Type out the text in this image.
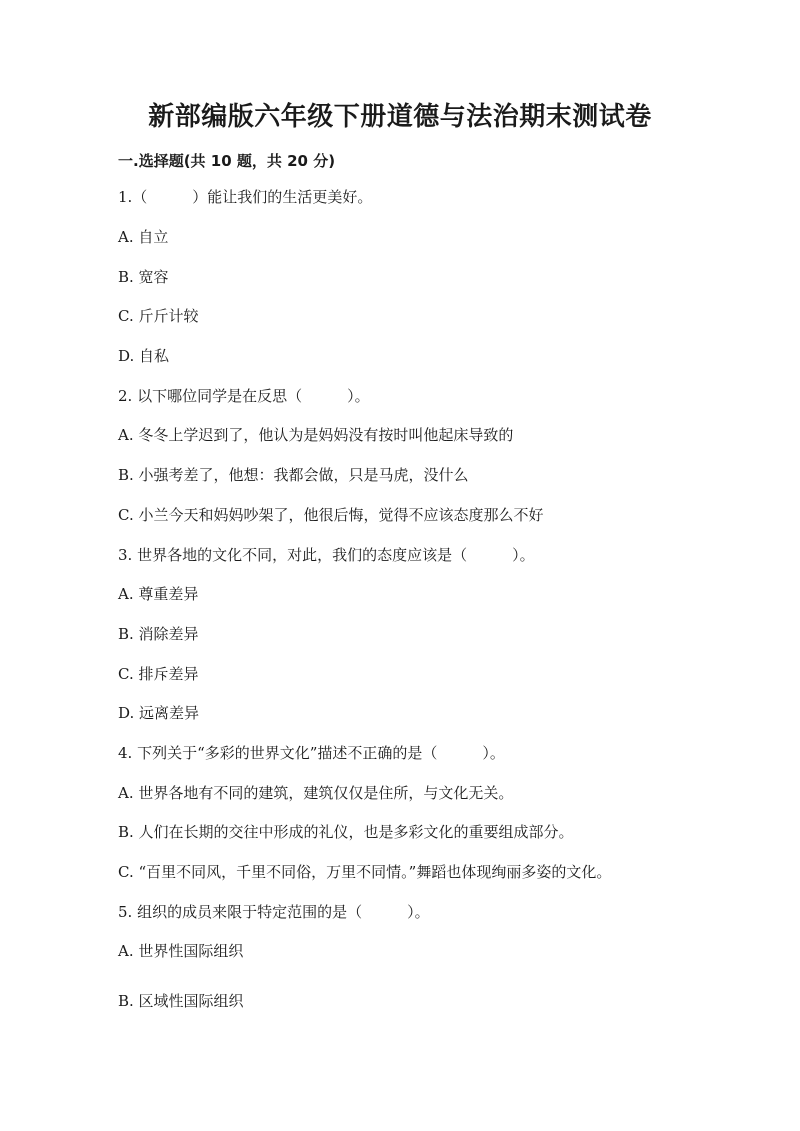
新部编版六年级下册道德与法治期末测试卷
一.选择题(共 10 题，共 20 分)
1.（　　　）能让我们的生活更美好。
A. 自立
B. 宽容
C. 斤斤计较
D. 自私
2. 以下哪位同学是在反思（　　　）。
A. 冬冬上学迟到了，他认为是妈妈没有按时叫他起床导致的
B. 小强考差了，他想：我都会做，只是马虎，没什么
C. 小兰今天和妈妈吵架了，他很后悔，觉得不应该态度那么不好
3. 世界各地的文化不同，对此，我们的态度应该是（　　　）。
A. 尊重差异
B. 消除差异
C. 排斥差异
D. 远离差异
4. 下列关于“多彩的世界文化”描述不正确的是（　　　）。
A. 世界各地有不同的建筑，建筑仅仅是住所，与文化无关。
B. 人们在长期的交往中形成的礼仪，也是多彩文化的重要组成部分。
C. “百里不同风，千里不同俗，万里不同情。”舞蹈也体现绚丽多姿的文化。
5. 组织的成员来限于特定范围的是（　　　）。
A. 世界性国际组织
B. 区域性国际组织
